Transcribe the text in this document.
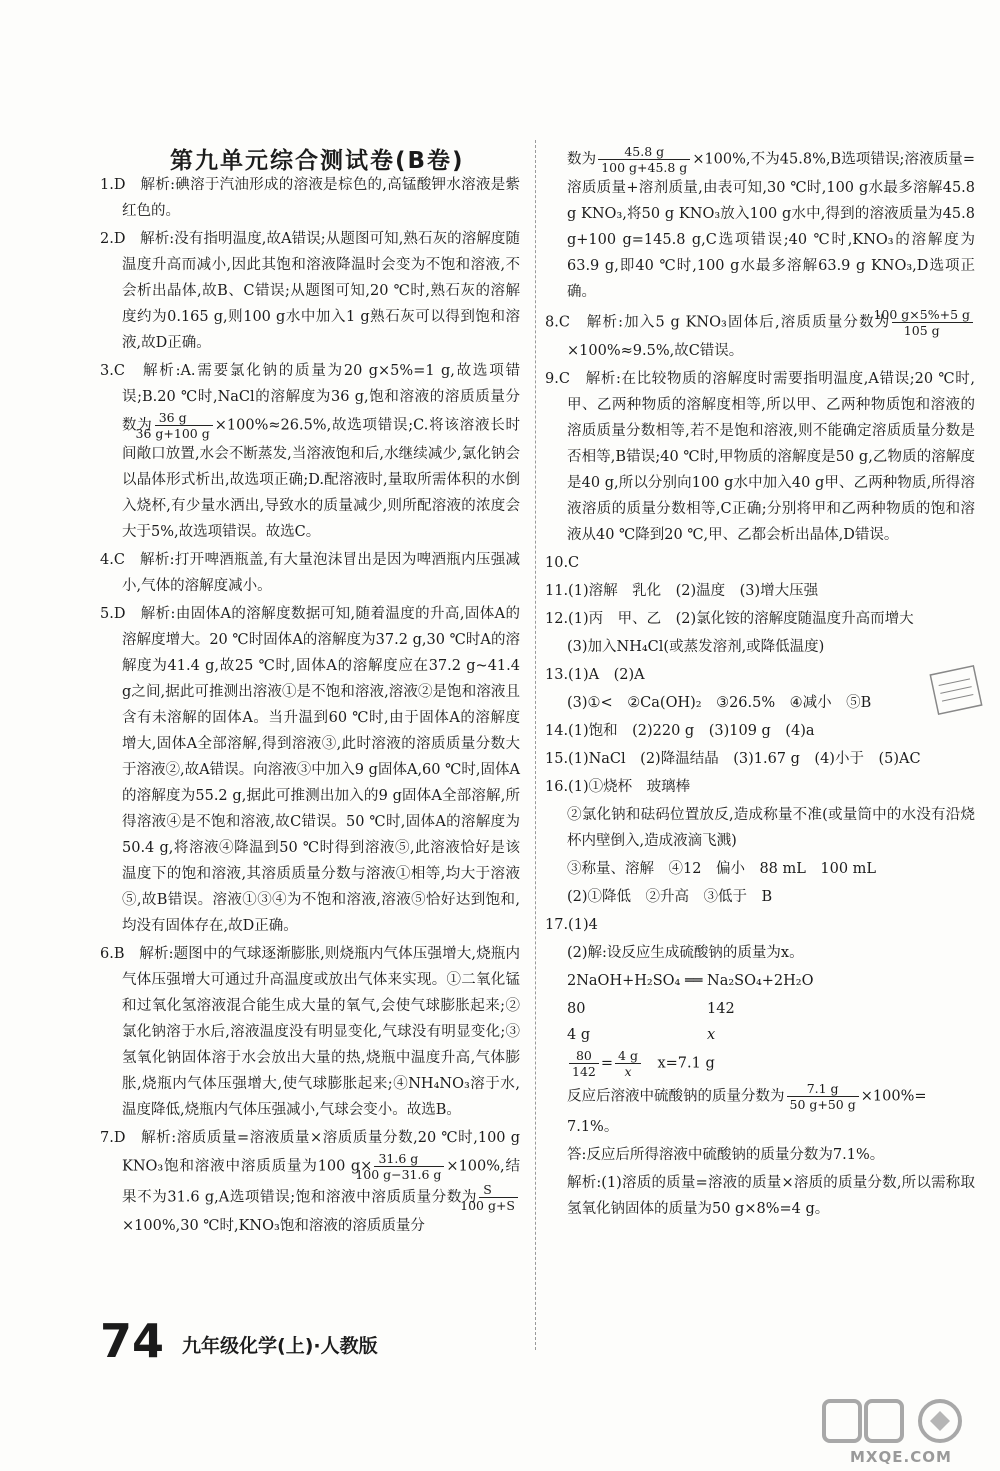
第九单元综合测试卷(B卷)

1.D　解析:碘溶于汽油形成的溶液是棕色的,高锰酸钾水溶液是紫红色的。

2.D　解析:没有指明温度,故A错误;从题图可知,熟石灰的溶解度随温度升高而减小,因此其饱和溶液降温时会变为不饱和溶液,不会析出晶体,故B、C错误;从题图可知,20 ℃时,熟石灰的溶解度约为0.165 g,则100 g水中加入1 g熟石灰可以得到饱和溶液,故D正确。

3.C　解析:A.需要氯化钠的质量为20 g×5%=1 g,故选项错误;B.20 ℃时,NaCl的溶解度为36 g,饱和溶液的溶质质量分数为 $\frac{36 g}{36 g+100 g} \times 100\%\approx 26.5\%$,故选项错误;C.将该溶液长时间敞口放置,水会不断蒸发,当溶液饱和后,水继续减少,氯化钠会以晶体形式析出,故选项正确;D.配溶液时,量取所需体积的水倒入烧杯,有少量水洒出,导致水的质量减少,则所配溶液的浓度会大于5%,故选项错误。故选C。

4.C　解析:打开啤酒瓶盖,有大量泡沫冒出是因为啤酒瓶内压强减小,气体的溶解度减小。

5.D　解析:由固体A的溶解度数据可知,随着温度的升高,固体A的溶解度增大。20 ℃时固体A的溶解度为37.2 g,30 ℃时A的溶解度为41.4 g,故25 ℃时,固体A的溶解度应在37.2 g~41.4 g之间,据此可推测出溶液①是不饱和溶液,溶液②是饱和溶液且含有未溶解的固体A。当升温到60 ℃时,由于固体A的溶解度增大,固体A全部溶解,得到溶液③,此时溶液的溶质质量分数大于溶液②,故A错误。向溶液③中加入9 g固体A,60 ℃时,固体A的溶解度为55.2 g,据此可推测出加入的9 g固体A全部溶解,所得溶液④是不饱和溶液,故C错误。50 ℃时,固体A的溶解度为50.4 g,将溶液④降温到50 ℃时得到溶液⑤,此溶液恰好是该温度下的饱和溶液,其溶质质量分数与溶液①相等,均大于溶液⑤,故B错误。溶液①③④为不饱和溶液,溶液⑤恰好达到饱和,均没有固体存在,故D正确。

6.B　解析:题图中的气球逐渐膨胀,则烧瓶内气体压强增大,烧瓶内气体压强增大可通过升高温度或放出气体来实现。①二氧化锰和过氧化氢溶液混合能生成大量的氧气,会使气球膨胀起来;②氯化钠溶于水后,溶液温度没有明显变化,气球没有明显变化;③氢氧化钠固体溶于水会放出大量的热,烧瓶中温度升高,气体膨胀,烧瓶内气体压强增大,使气球膨胀起来;④NH₄NO₃溶于水,温度降低,烧瓶内气体压强减小,气球会变小。故选B。

7.D　解析:溶质质量=溶液质量×溶质质量分数,20 ℃时,100 g KNO₃饱和溶液中溶质质量为100 $g\times \frac{31.6 g}{100 g-31.6 g} \times 100\%$,结果不为31.6 g,A选项错误;饱和溶液中溶质质量分数为 $\frac{S}{100 g+S}$
×100%,30 ℃时,KNO₃饱和溶液的溶质质量分

数为 $\frac{45.8 g}{100 g+45.8 g} \times 100\%$,不为45.8%,B选项错误;溶液质量=溶质质量+溶剂质量,由表可知,30 ℃时,100 g水最多溶解45.8 g KNO₃,将50 g KNO₃放入100 g水中,得到的溶液质量为45.8 g+100 g=145.8 g,C选项错误;40 ℃时,KNO₃的溶解度为63.9 g,即40 ℃时,100 g水最多溶解63.9 g KNO₃,D选项正确。

8.C　解析:加入5 g KNO₃固体后,溶质质量分数为 $\frac{100 g\times 5\%+5 g}{105 g}$
×100%≈9.5%,故C错误。

9.C　解析:在比较物质的溶解度时需要指明温度,A错误;20 ℃时,甲、乙两种物质的溶解度相等,所以甲、乙两种物质饱和溶液的溶质质量分数相等,若不是饱和溶液,则不能确定溶质质量分数是否相等,B错误;40 ℃时,甲物质的溶解度是50 g,乙物质的溶解度是40 g,所以分别向100 g水中加入40 g甲、乙两种物质,所得溶液溶质的质量分数相等,C正确;分别将甲和乙两种物质的饱和溶液从40 ℃降到20 ℃,甲、乙都会析出晶体,D错误。

10.C

11.(1)溶解　乳化　(2)温度　(3)增大压强

12.(1)丙　甲、乙　(2)氯化铵的溶解度随温度升高而增大

(3)加入NH₄Cl(或蒸发溶剂,或降低温度)

13.(1)A　(2)A

(3)①<　②Ca(OH)₂　③26.5%　④减小　⑤B

14.(1)饱和　(2)220 g　(3)109 g　(4)a

15.(1)NaCl　(2)降温结晶　(3)1.67 g　(4)小于　(5)AC

16.(1)①烧杯　玻璃棒

②氯化钠和砝码位置放反,造成称量不准(或量筒中的水没有沿烧杯内壁倒入,造成液滴飞溅)

③称量、溶解　④12　偏小　88 mL　100 mL

(2)①降低　②升高　③低于　B

17.(1)4

(2)解:设反应生成硫酸钠的质量为x。

2NaOH+H₂SO₄ ══ Na₂SO₄+2H₂O

80	142
4 g	x

$\frac{80}{142} = \frac{4 g}{x}$
  x=7.1 g

反应后溶液中硫酸钠的质量分数为 $\frac{7.1 g}{50 g+50 g} \times 100\%=$

7.1%。

答:反应后所得溶液中硫酸钠的质量分数为7.1%。

解析:(1)溶质的质量=溶液的质量×溶质的质量分数,所以需称取氢氧化钠固体的质量为50 g×8%=4 g。

74 九年级化学(上)·人教版
MXQE.COM
